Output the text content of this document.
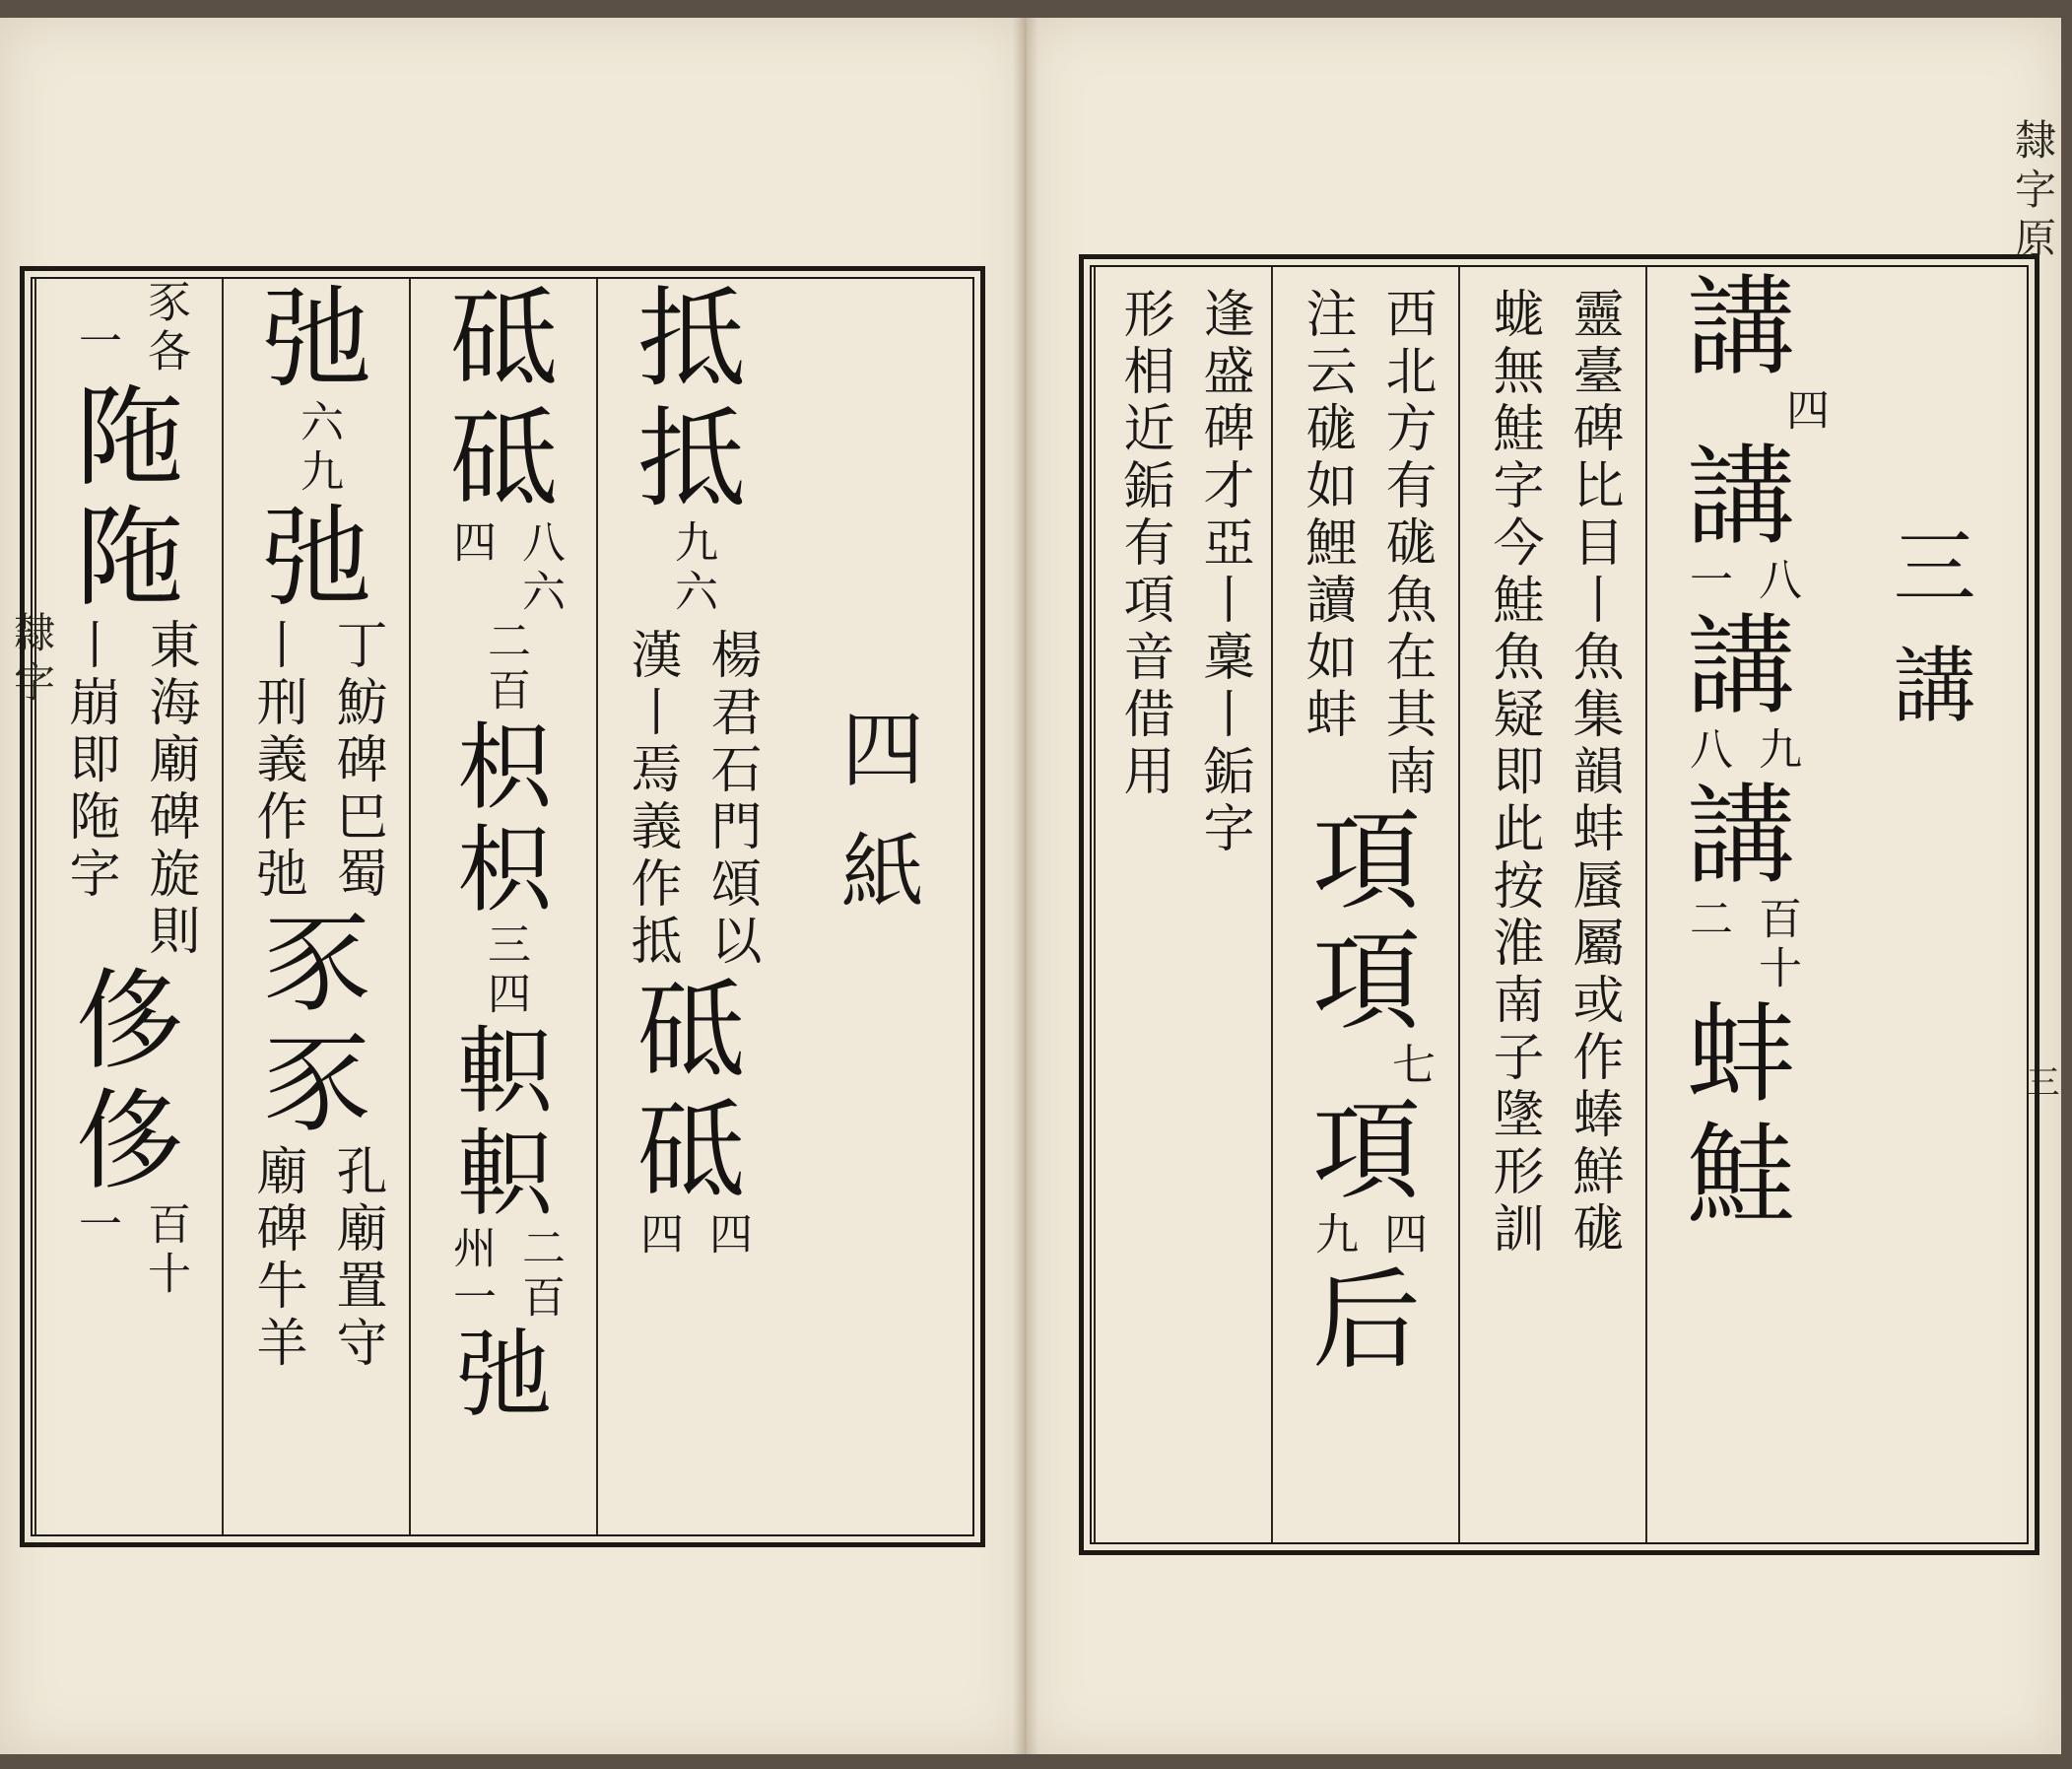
隸字
隸字原
三
四紙
抵
抵
九六
楊君石門頌以
漢丨焉義作抵
砥
砥
四
四
砥
砥
八六
四
二百
枳
枳
三四
軹
軹
二百
州一
弛
弛
六九
弛
丁魴碑巴蜀
丨刑義作弛
豕
豕
孔廟置守
廟碑牛羊
豕各
一
陁
陁
東海廟碑旋則
丨崩即陁字
侈
侈
百十
一
三講
講
四
講
八
一
講
九
八
講
百十
二
蚌
鮭
靈臺碑比目丨魚集韻蚌蜃屬或作蜯鮮硥
蛖無鮭字今鮭魚疑即此按淮南子墬形訓
西北方有硥魚在其南
注云硥如鯉讀如蚌
項
項
七
項
四
九
后
逢盛碑才亞丨稾丨銗字
形相近銗有項音借用
